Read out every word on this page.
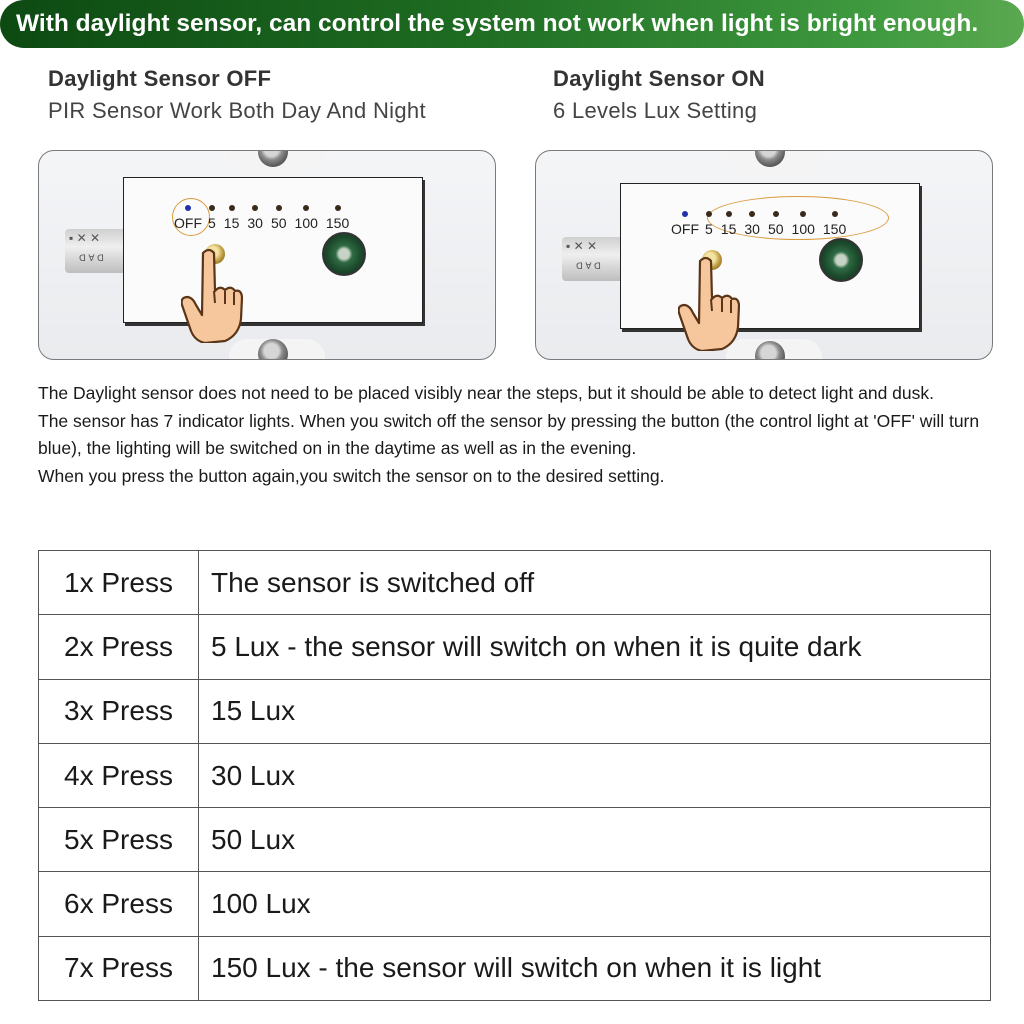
With daylight sensor, can control the system not work when light is bright enough.
Daylight Sensor OFF
PIR Sensor Work Both Day And Night
Daylight Sensor ON
6 Levels Lux Setting
▪ ✕ ✕
ᗡ ∀ ᗡ
OFF 5 15 30 50 100 150
▪ ✕ ✕
ᗡ ∀ ᗡ
OFF 5 15 30 50 100 150

The Daylight sensor does not need to be placed visibly near the steps, but it should be able to detect light and dusk.

The sensor has 7 indicator lights. When you switch off the sensor by pressing the button (the control light at 'OFF' will turn blue), the lighting will be switched on in the daytime as well as in the evening.

When you press the button again,you switch the sensor on to the desired setting.

1x Press	The sensor is switched off
2x Press	5 Lux - the sensor will switch on when it is quite dark
3x Press	15 Lux
4x Press	30 Lux
5x Press	50 Lux
6x Press	100 Lux
7x Press	150 Lux - the sensor will switch on when it is light
